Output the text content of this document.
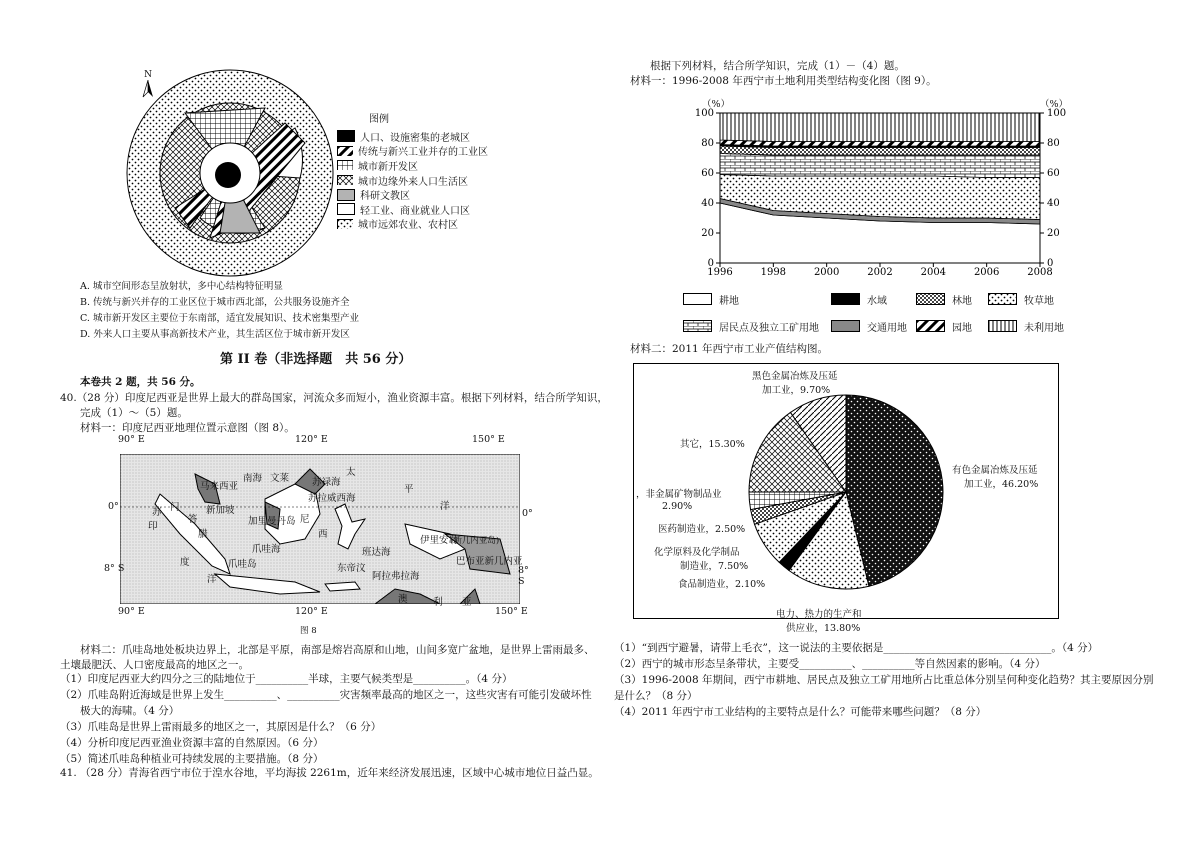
N
图例
人口、设施密集的老城区
传统与新兴工业并存的工业区
城市新开发区
城市边缘外来人口生活区
科研文教区
轻工业、商业就业人口区
城市远郊农业、农村区
A. 城市空间形态呈放射状，多中心结构特征明显
B. 传统与新兴并存的工业区位于城市西北部，公共服务设施齐全
C. 城市新开发区主要位于东南部，适宜发展知识、技术密集型产业
D. 外来人口主要从事高新技术产业，其生活区位于城市新开发区
第 II 卷（非选择题　共 56 分）
本卷共 2 题，共 56 分。
40.（28 分）印度尼西亚是世界上最大的群岛国家，河流众多而短小，渔业资源丰富。根据下列材料，结合所学知识，
完成（1）～（5）题。
材料一：印度尼西亚地理位置示意图（图 8）。
90° E	120° E	150° E
0°
8° S
0°
8° S
90° E	120° E	150° E
南海 文莱
太
平
洋
马来西亚	苏禄海
新加坡
苏拉威西海
苏 门
答
腊
加里曼丹岛 尼
西
印
度
洋
爪哇海
伊里安岛
(新几内亚岛)
班达海
巴布亚新几内亚
东帝汶
阿拉弗拉海
澳	利 亚
爪哇岛
图 8
材料二：爪哇岛地处板块边界上，北部是平原，南部是熔岩高原和山地，山间多宽广盆地，是世界上雷雨最多、
土壤最肥沃、人口密度最高的地区之一。
（1）印度尼西亚大约四分之三的陆地位于__________半球，主要气候类型是__________。（4 分）
（2）爪哇岛附近海域是世界上发生__________、__________灾害频率最高的地区之一，这些灾害有可能引发破坏性
极大的海啸。（4 分）
（3）爪哇岛是世界上雷雨最多的地区之一，其原因是什么？（6 分）
（4）分析印度尼西亚渔业资源丰富的自然原因。（6 分）
（5）简述爪哇岛种植业可持续发展的主要措施。（8 分）
41. （28 分）青海省西宁市位于湟水谷地，平均海拔 2261m，近年来经济发展迅速，区域中心城市地位日益凸显。
根据下列材料，结合所学知识，完成（1）－（4）题。
材料一：1996-2008 年西宁市土地利用类型结构变化图（图 9）。
（%）	（%）
0	0
20	20
40	40
60	60
80	80
100	100
1996	1998	2000	2002	2004	2006	2008
耕地	水域	林地	牧草地
居民点及独立工矿用地	交通用地	园地	未利用地
材料二：2011 年西宁市工业产值结构图。
黑色金属冶炼及压延
加工业，9.70%
其它，15.30%
有色金属冶炼及压延
加工业，46.20%
，非金属矿物制品业
2.90%
医药制造业，2.50%
化学原料及化学制品
制造业，7.50%
食品制造业，2.10%
电力、热力的生产和
供应业，13.80%
（1）“到西宁避暑，请带上毛衣”，这一说法的主要依据是________________________________。（4 分）
（2）西宁的城市形态呈条带状，主要受__________、__________等自然因素的影响。（4 分）
（3）1996-2008 年期间，西宁市耕地、居民点及独立工矿用地所占比重总体分别呈何种变化趋势？其主要原因分别
是什么？（8 分）
（4）2011 年西宁市工业结构的主要特点是什么？可能带来哪些问题？（8 分）
